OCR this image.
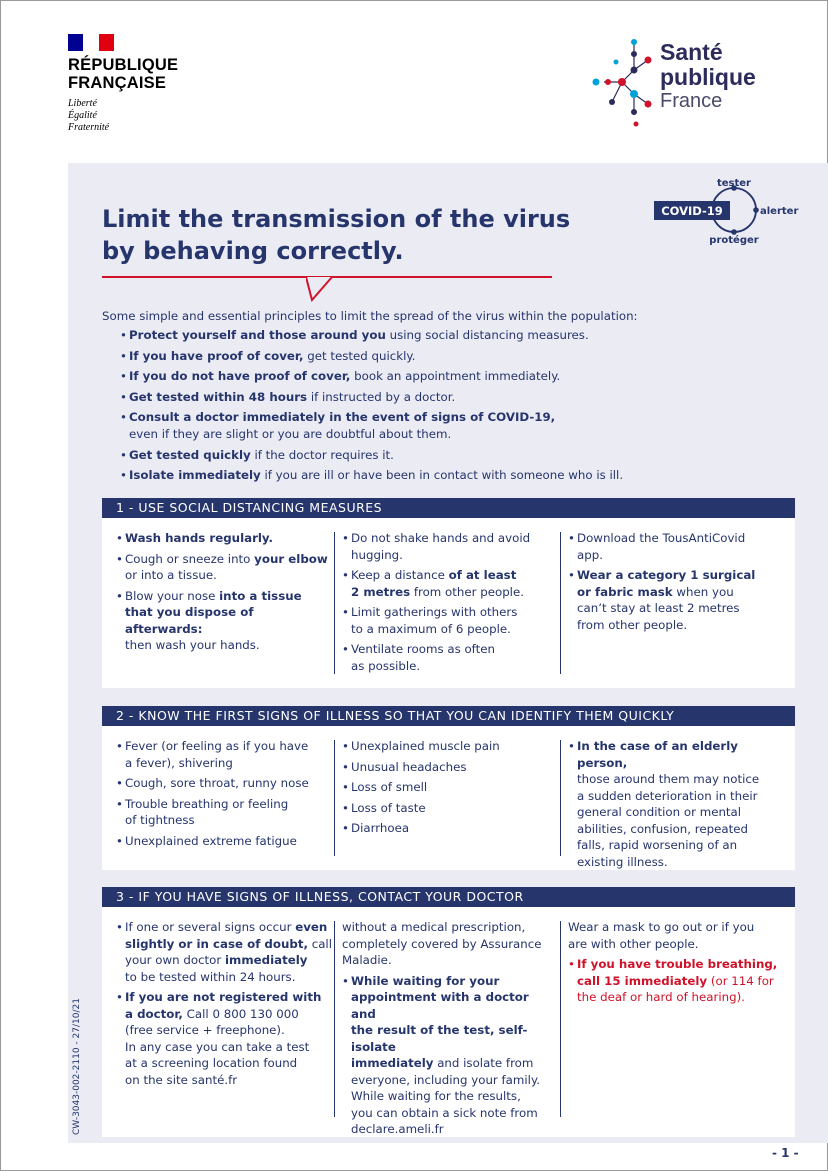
RÉPUBLIQUE
FRANÇAISE
Liberté
Égalité
Fraternité
Santé
publique
France
COVID-19
tester
alerter
protéger
Limit the transmission of the virus
by behaving correctly.
Some simple and essential principles to limit the spread of the virus within the population:
• Protect yourself and those around you using social distancing measures.
• If you have proof of cover, get tested quickly.
• If you do not have proof of cover, book an appointment immediately.
• Get tested within 48 hours if instructed by a doctor.
• Consult a doctor immediately in the event of signs of COVID-19,
even if they are slight or you are doubtful about them.
• Get tested quickly if the doctor requires it.
• Isolate immediately if you are ill or have been in contact with someone who is ill.
1 - USE SOCIAL DISTANCING MEASURES
• Wash hands regularly.
• Cough or sneeze into your elbow
or into a tissue.
• Blow your nose into a tissue
that you dispose of afterwards:
then wash your hands.
• Do not shake hands and avoid
hugging.
• Keep a distance of at least
2 metres from other people.
• Limit gatherings with others
to a maximum of 6 people.
• Ventilate rooms as often
as possible.
• Download the TousAntiCovid
app.
• Wear a category 1 surgical
or fabric mask when you
can’t stay at least 2 metres
from other people.
2 - KNOW THE FIRST SIGNS OF ILLNESS SO THAT YOU CAN IDENTIFY THEM QUICKLY
• Fever (or feeling as if you have
a fever), shivering
• Cough, sore throat, runny nose
• Trouble breathing or feeling
of tightness
• Unexplained extreme fatigue
• Unexplained muscle pain
• Unusual headaches
• Loss of smell
• Loss of taste
• Diarrhoea
• In the case of an elderly person,
those around them may notice
a sudden deterioration in their
general condition or mental
abilities, confusion, repeated
falls, rapid worsening of an
existing illness.
3 - IF YOU HAVE SIGNS OF ILLNESS, CONTACT YOUR DOCTOR
• If one or several signs occur even
slightly or in case of doubt, call
your own doctor immediately
to be tested within 24 hours.
• If you are not registered with
a doctor, Call 0 800 130 000
(free service + freephone).
In any case you can take a test
at a screening location found
on the site santé.fr

without a medical prescription,
completely covered by Assurance
Maladie.

• While waiting for your
appointment with a doctor and
the result of the test, self-isolate
immediately and isolate from
everyone, including your family.
While waiting for the results,
you can obtain a sick note from
declare.ameli.fr

Wear a mask to go out or if you
are with other people.

• If you have trouble breathing,
call 15 immediately (or 114 for
the deaf or hard of hearing).
CW-3043-002-2110 - 27/10/21
- 1 -
